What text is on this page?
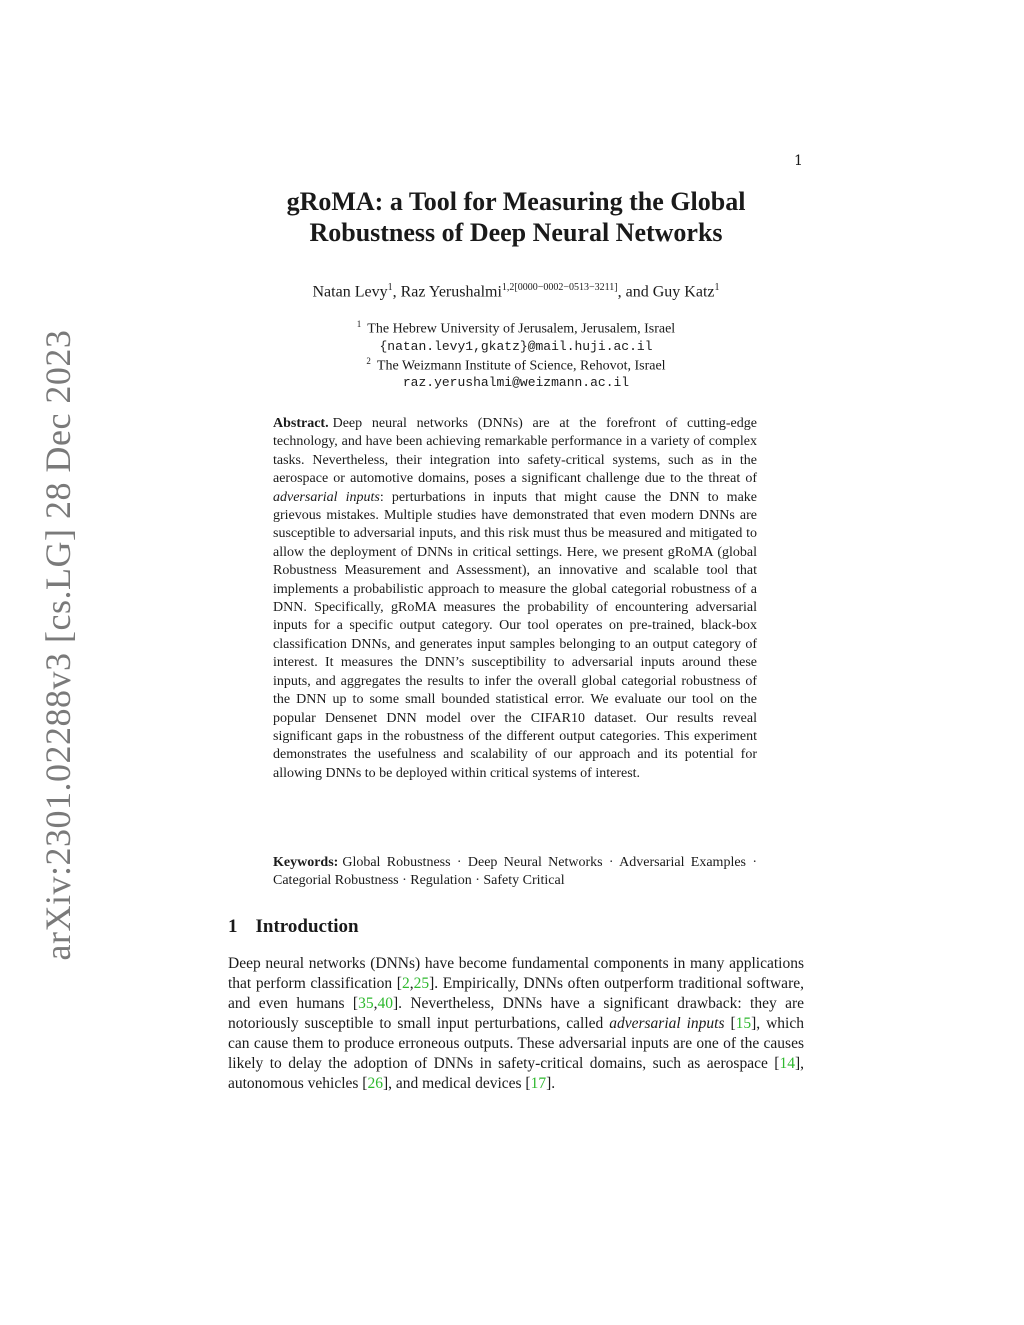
arXiv:2301.02288v3 [cs.LG] 28 Dec 2023
1
gRoMA: a Tool for Measuring the Global
Robustness of Deep Neural Networks
Natan Levy$^1$, Raz Yerushalmi$^{1,2[0000-0002-0513-3211]}$, and Guy Katz$^1$
$^1$ The Hebrew University of Jerusalem, Jerusalem, Israel
{natan.levy1,gkatz}@mail.huji.ac.il
$^2$ The Weizmann Institute of Science, Rehovot, Israel
raz.yerushalmi@weizmann.ac.il
Abstract. Deep neural networks (DNNs) are at the forefront of cutting-edge technology, and have been achieving remarkable performance in a variety of complex tasks. Nevertheless, their integration into safety-critical systems, such as in the aerospace or automotive domains, poses a significant challenge due to the threat of adversarial inputs: perturbations in inputs that might cause the DNN to make grievous mistakes. Multiple studies have demonstrated that even modern DNNs are susceptible to adversarial inputs, and this risk must thus be measured and mitigated to allow the deployment of DNNs in critical settings. Here, we present gRoMA (global Robustness Measurement and Assessment), an innovative and scalable tool that implements a probabilistic approach to measure the global categorial robustness of a DNN. Specifically, gRoMA measures the probability of encountering adversarial inputs for a specific output category. Our tool operates on pre-trained, black-box classification DNNs, and generates input samples belonging to an output category of interest. It measures the DNN’s susceptibility to adversarial inputs around these inputs, and aggregates the results to infer the overall global categorial robustness of the DNN up to some small bounded statistical error. We evaluate our tool on the popular Densenet DNN model over the CIFAR10 dataset. Our results reveal significant gaps in the robustness of the different output categories. This experiment demonstrates the usefulness and scalability of our approach and its potential for allowing DNNs to be deployed within critical systems of interest.
Keywords: Global Robustness · Deep Neural Networks · Adversarial Examples · Categorial Robustness · Regulation · Safety Critical
1 Introduction
Deep neural networks (DNNs) have become fundamental components in many applications that perform classification [2,25]. Empirically, DNNs often outperform traditional software, and even humans [35,40]. Nevertheless, DNNs have a significant drawback: they are notoriously susceptible to small input perturbations, called adversarial inputs [15], which can cause them to produce erroneous outputs. These adversarial inputs are one of the causes likely to delay the adoption of DNNs in safety-critical domains, such as aerospace [14], autonomous vehicles [26], and medical devices [17].
